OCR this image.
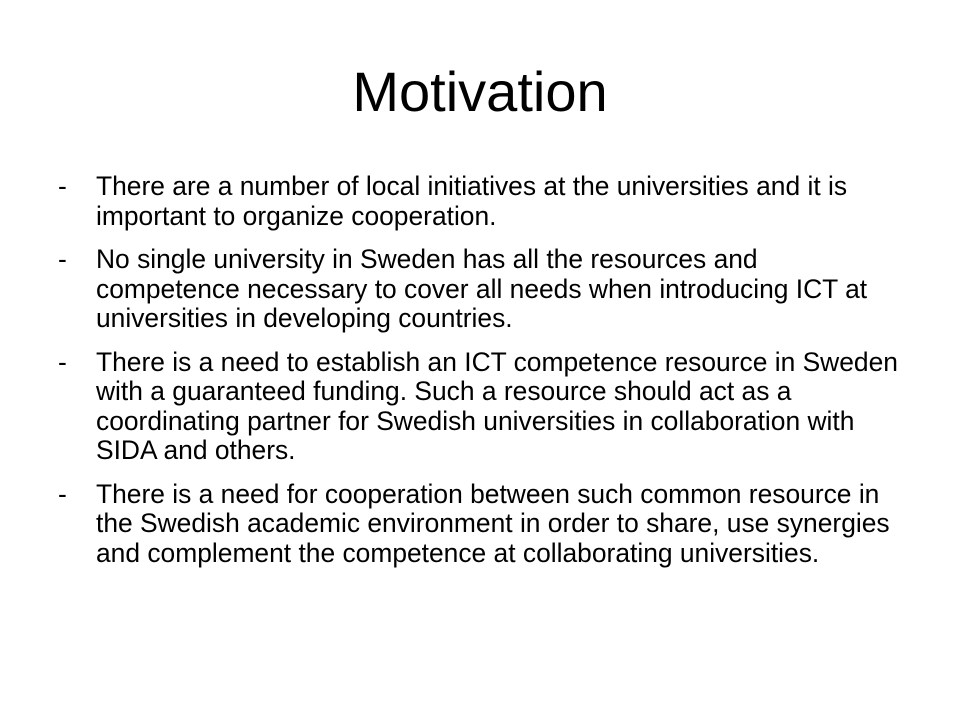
Motivation
- There are a number of local initiatives at the universities and it is important to organize cooperation.
- No single university in Sweden has all the resources and competence necessary to cover all needs when introducing ICT at universities in developing countries.
- There is a need to establish an ICT competence resource in Sweden with a guaranteed funding. Such a resource should act as a coordinating partner for Swedish universities in collaboration with SIDA and others.
- There is a need for cooperation between such common resource in the Swedish academic environment in order to share, use synergies and complement the competence at collaborating universities.
